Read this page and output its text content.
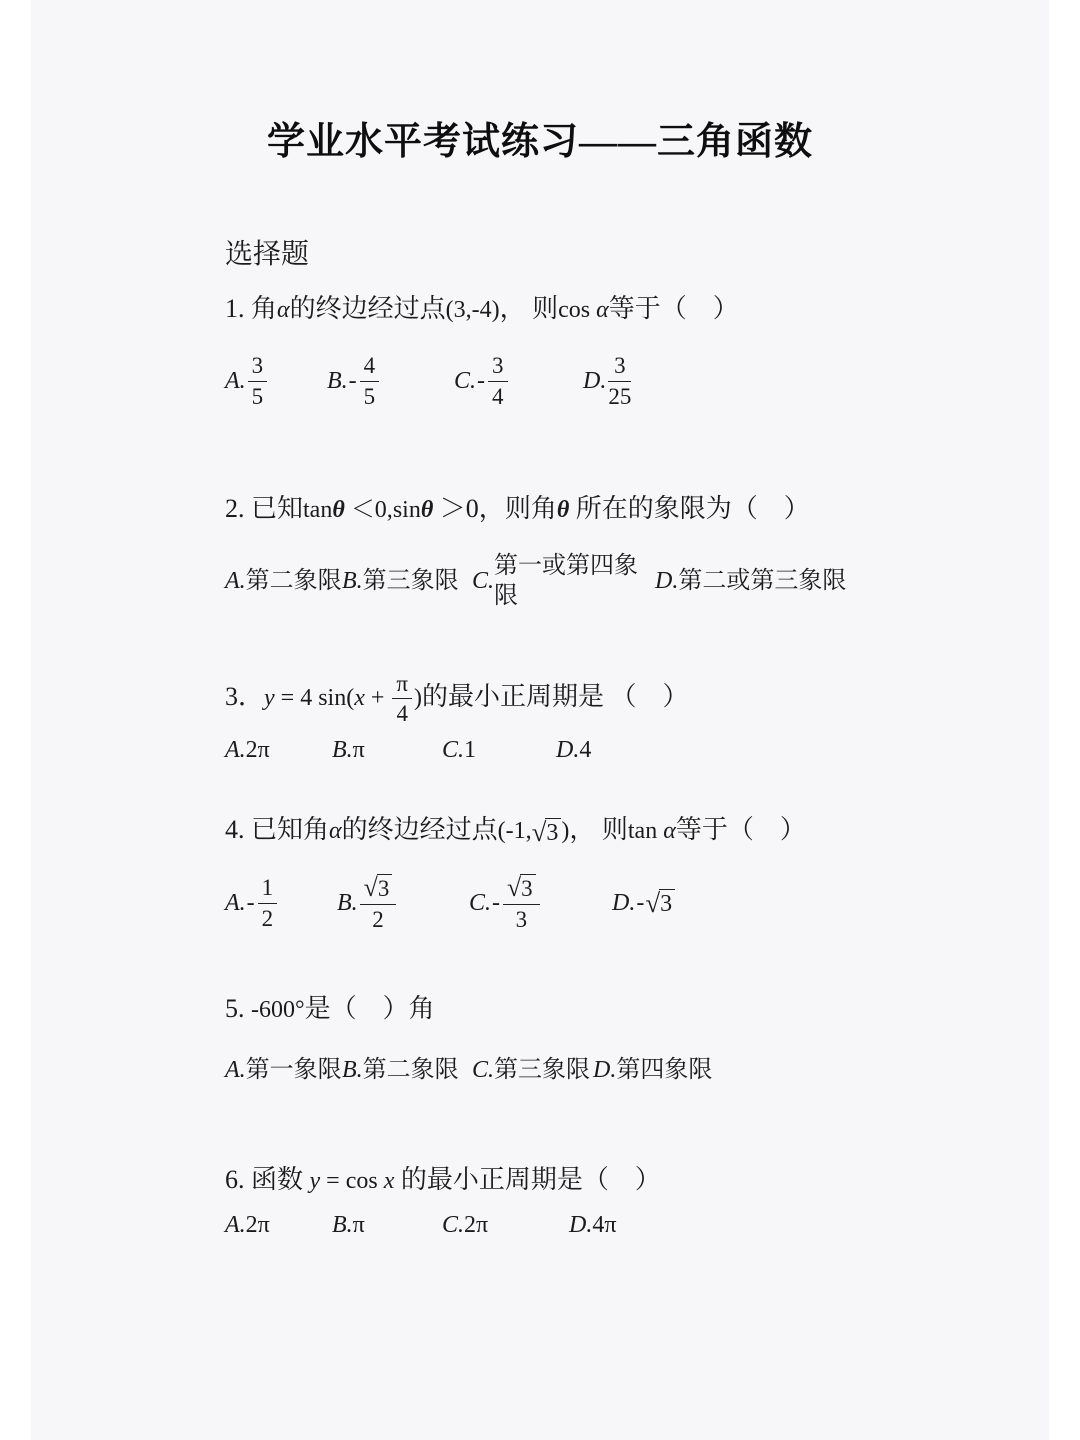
学业水平考试练习——三角函数
选择题
1. 角α的终边经过点(3,-4)， 则cos α等于（　）
A. $\frac{3}{5} B$. - $\frac{4}{5}$	C. - $\frac{3}{4}$	D. $\frac{3}{25}$
2. 已知tanθ ＜0,sinθ ＞0，则角θ 所在的象限为（　）
A. 第二象限 B. 第三象限 C.
第一或第四象限
D. 第二或第三象限
3．y = 4 $\sin(x + \frac{\pi}{4}$ )的最小正周期是 （　）
A. 2π	B. π	C. 1	D. 4
4. 已知角α的终边经过点(-1, √ 3 )， 则tan α等于（　）
A. - $\frac{1}{2} B$. $\frac{√ 3}{2}$	C. - $\frac{√ 3}{3}$	D. - √ 3
5. -600°是（　）角
A. 第一象限 B. 第二象限 C. 第三象限 D. 第四象限
6. 函数 y = cos x 的最小正周期是（　）
A. 2π	B. π	C. 2π	D. 4π
